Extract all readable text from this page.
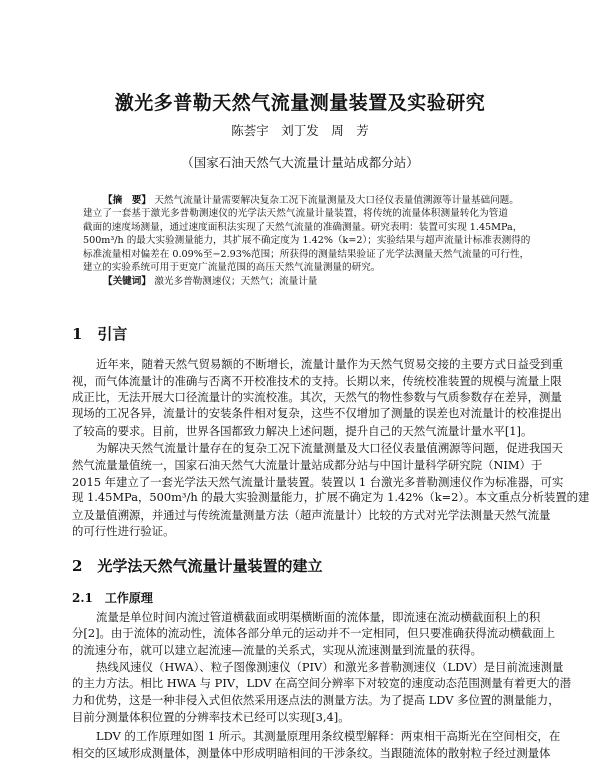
激光多普勒天然气流量测量装置及实验研究
陈荟宇　刘丁发　周　芳
（国家石油天然气大流量计量站成都分站）
【摘　要】 天然气流量计量需要解决复杂工况下流量测量及大口径仪表量值溯源等计量基础问题。
建立了一套基于激光多普勒测速仪的光学法天然气流量计量装置，将传统的流量体积测量转化为管道
截面的速度场测量，通过速度面积法实现了天然气流量的准确测量。研究表明：装置可实现 1.45MPa，
500m³/h 的最大实验测量能力，其扩展不确定度为 1.42%（k=2）；实验结果与超声流量计标准表测得的
标准流量相对偏差在 0.09%至−2.93%范围；所获得的测量结果验证了光学法测量天然气流量的可行性，
建立的实验系统可用于更宽广流量范围的高压天然气流量测量的研究。
【关键词】 激光多普勒测速仪；天然气；流量计量
1　引言
2　光学法天然气流量计量装置的建立
2.1　工作原理
近年来，随着天然气贸易额的不断增长，流量计量作为天然气贸易交接的主要方式日益受到重
视，而气体流量计的准确与否离不开校准技术的支持。长期以来，传统校准装置的规模与流量上限
成正比，无法开展大口径流量计的实流校准。其次，天然气的物性参数与气质参数存在差异，测量
现场的工况各异，流量计的安装条件相对复杂，这些不仅增加了测量的误差也对流量计的校准提出
了较高的要求。目前，世界各国都致力解决上述问题，提升自己的天然气流量计量水平[1]。
为解决天然气流量计量存在的复杂工况下流量测量及大口径仪表量值溯源等问题，促进我国天
然气流量量值统一，国家石油天然气大流量计量站成都分站与中国计量科学研究院（NIM）于
2015 年建立了一套光学法天然气流量计量装置。装置以 1 台激光多普勒测速仪作为标准器，可实
现 1.45MPa，500m³/h 的最大实验测量能力，扩展不确定为 1.42%（k=2）。本文重点分析装置的建
立及量值溯源，并通过与传统流量测量方法（超声流量计）比较的方式对光学法测量天然气流量
的可行性进行验证。
流量是单位时间内流过管道横截面或明渠横断面的流体量，即流速在流动横截面积上的积
分[2]。由于流体的流动性，流体各部分单元的运动并不一定相同，但只要准确获得流动横截面上
的流速分布，就可以建立起流速—流量的关系式，实现从流速测量到流量的获得。
热线风速仪（HWA）、粒子图像测速仪（PIV）和激光多普勒测速仪（LDV）是目前流速测量
的主力方法。相比 HWA 与 PIV，LDV 在高空间分辨率下对较宽的速度动态范围测量有着更大的潜
力和优势，这是一种非侵入式但依然采用逐点法的测量方法。为了提高 LDV 多位置的测量能力，
目前分测量体积位置的分辨率技术已经可以实现[3,4]。
LDV 的工作原理如图 1 所示。其测量原理用条纹模型解释：两束相干高斯光在空间相交，在
相交的区域形成测量体，测量体中形成明暗相间的干涉条纹。当跟随流体的散射粒子经过测量体
